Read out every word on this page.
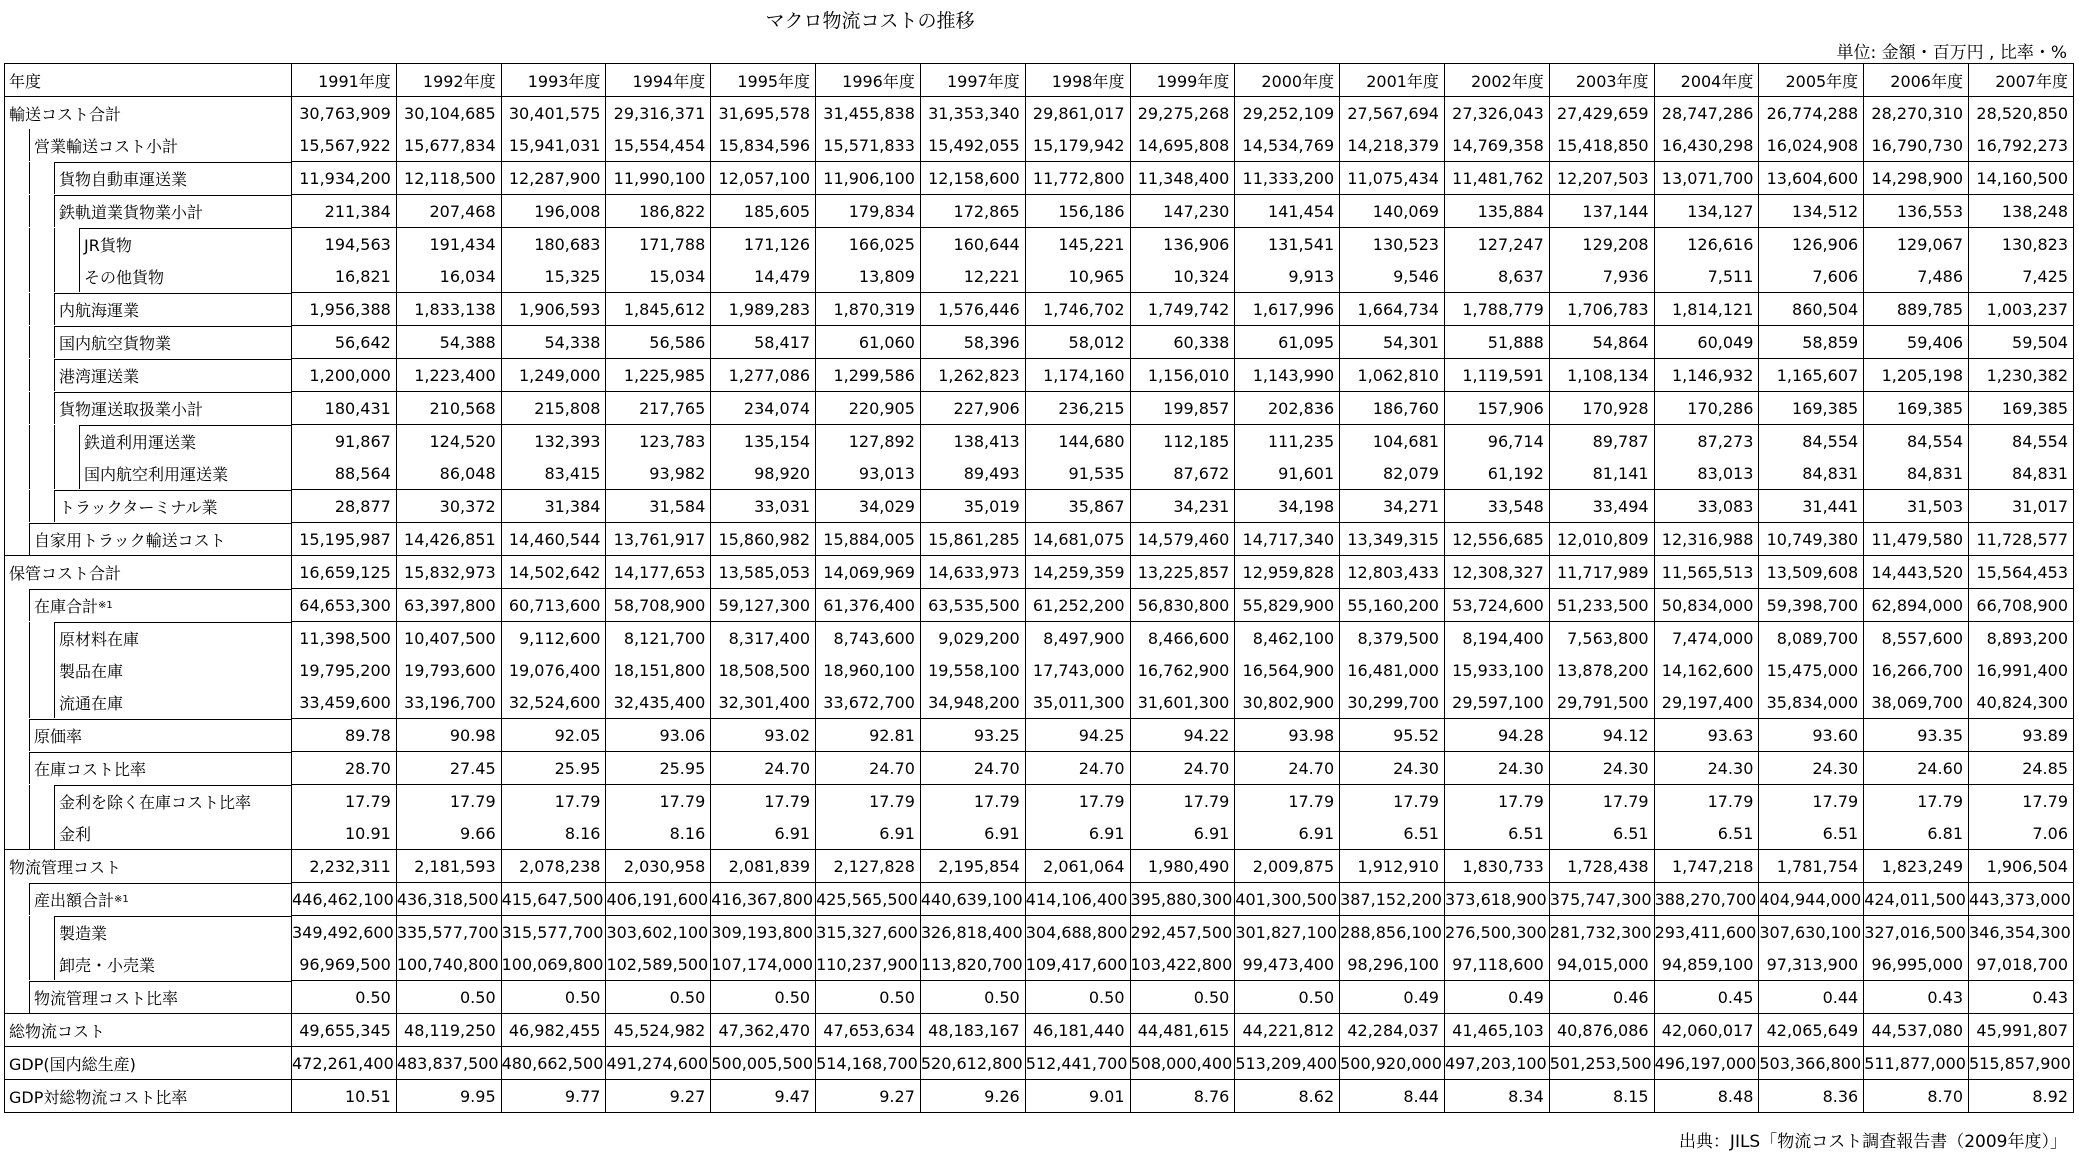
マクロ物流コストの推移
単位: 金額・百万円 , 比率・%
年度	1991年度	1992年度	1993年度	1994年度	1995年度	1996年度	1997年度	1998年度	1999年度	2000年度	2001年度	2002年度	2003年度	2004年度	2005年度	2006年度	2007年度

輸送コスト合計	30,763,909	30,104,685	30,401,575	29,316,371	31,695,578	31,455,838	31,353,340	29,861,017	29,275,268	29,252,109	27,567,694	27,326,043	27,429,659	28,747,286	26,774,288	28,270,310	28,520,850

営業輸送コスト小計	15,567,922	15,677,834	15,941,031	15,554,454	15,834,596	15,571,833	15,492,055	15,179,942	14,695,808	14,534,769	14,218,379	14,769,358	15,418,850	16,430,298	16,024,908	16,790,730	16,792,273

貨物自動車運送業	11,934,200	12,118,500	12,287,900	11,990,100	12,057,100	11,906,100	12,158,600	11,772,800	11,348,400	11,333,200	11,075,434	11,481,762	12,207,503	13,071,700	13,604,600	14,298,900	14,160,500

鉄軌道業貨物業小計	211,384	207,468	196,008	186,822	185,605	179,834	172,865	156,186	147,230	141,454	140,069	135,884	137,144	134,127	134,512	136,553	138,248

JR貨物	194,563	191,434	180,683	171,788	171,126	166,025	160,644	145,221	136,906	131,541	130,523	127,247	129,208	126,616	126,906	129,067	130,823

その他貨物	16,821	16,034	15,325	15,034	14,479	13,809	12,221	10,965	10,324	9,913	9,546	8,637	7,936	7,511	7,606	7,486	7,425

内航海運業	1,956,388	1,833,138	1,906,593	1,845,612	1,989,283	1,870,319	1,576,446	1,746,702	1,749,742	1,617,996	1,664,734	1,788,779	1,706,783	1,814,121	860,504	889,785	1,003,237

国内航空貨物業	56,642	54,388	54,338	56,586	58,417	61,060	58,396	58,012	60,338	61,095	54,301	51,888	54,864	60,049	58,859	59,406	59,504

港湾運送業	1,200,000	1,223,400	1,249,000	1,225,985	1,277,086	1,299,586	1,262,823	1,174,160	1,156,010	1,143,990	1,062,810	1,119,591	1,108,134	1,146,932	1,165,607	1,205,198	1,230,382

貨物運送取扱業小計	180,431	210,568	215,808	217,765	234,074	220,905	227,906	236,215	199,857	202,836	186,760	157,906	170,928	170,286	169,385	169,385	169,385

鉄道利用運送業	91,867	124,520	132,393	123,783	135,154	127,892	138,413	144,680	112,185	111,235	104,681	96,714	89,787	87,273	84,554	84,554	84,554

国内航空利用運送業	88,564	86,048	83,415	93,982	98,920	93,013	89,493	91,535	87,672	91,601	82,079	61,192	81,141	83,013	84,831	84,831	84,831

トラックターミナル業	28,877	30,372	31,384	31,584	33,031	34,029	35,019	35,867	34,231	34,198	34,271	33,548	33,494	33,083	31,441	31,503	31,017

自家用トラック輸送コスト	15,195,987	14,426,851	14,460,544	13,761,917	15,860,982	15,884,005	15,861,285	14,681,075	14,579,460	14,717,340	13,349,315	12,556,685	12,010,809	12,316,988	10,749,380	11,479,580	11,728,577

保管コスト合計	16,659,125	15,832,973	14,502,642	14,177,653	13,585,053	14,069,969	14,633,973	14,259,359	13,225,857	12,959,828	12,803,433	12,308,327	11,717,989	11,565,513	13,509,608	14,443,520	15,564,453

在庫合計 ※1	64,653,300	63,397,800	60,713,600	58,708,900	59,127,300	61,376,400	63,535,500	61,252,200	56,830,800	55,829,900	55,160,200	53,724,600	51,233,500	50,834,000	59,398,700	62,894,000	66,708,900

原材料在庫	11,398,500	10,407,500	9,112,600	8,121,700	8,317,400	8,743,600	9,029,200	8,497,900	8,466,600	8,462,100	8,379,500	8,194,400	7,563,800	7,474,000	8,089,700	8,557,600	8,893,200

製品在庫	19,795,200	19,793,600	19,076,400	18,151,800	18,508,500	18,960,100	19,558,100	17,743,000	16,762,900	16,564,900	16,481,000	15,933,100	13,878,200	14,162,600	15,475,000	16,266,700	16,991,400

流通在庫	33,459,600	33,196,700	32,524,600	32,435,400	32,301,400	33,672,700	34,948,200	35,011,300	31,601,300	30,802,900	30,299,700	29,597,100	29,791,500	29,197,400	35,834,000	38,069,700	40,824,300

原価率	89.78	90.98	92.05	93.06	93.02	92.81	93.25	94.25	94.22	93.98	95.52	94.28	94.12	93.63	93.60	93.35	93.89

在庫コスト比率	28.70	27.45	25.95	25.95	24.70	24.70	24.70	24.70	24.70	24.70	24.30	24.30	24.30	24.30	24.30	24.60	24.85

金利を除く在庫コスト比率	17.79	17.79	17.79	17.79	17.79	17.79	17.79	17.79	17.79	17.79	17.79	17.79	17.79	17.79	17.79	17.79	17.79

金利	10.91	9.66	8.16	8.16	6.91	6.91	6.91	6.91	6.91	6.91	6.51	6.51	6.51	6.51	6.51	6.81	7.06

物流管理コスト	2,232,311	2,181,593	2,078,238	2,030,958	2,081,839	2,127,828	2,195,854	2,061,064	1,980,490	2,009,875	1,912,910	1,830,733	1,728,438	1,747,218	1,781,754	1,823,249	1,906,504

産出額合計 ※1	446,462,100	436,318,500	415,647,500	406,191,600	416,367,800	425,565,500	440,639,100	414,106,400	395,880,300	401,300,500	387,152,200	373,618,900	375,747,300	388,270,700	404,944,000	424,011,500	443,373,000

製造業	349,492,600	335,577,700	315,577,700	303,602,100	309,193,800	315,327,600	326,818,400	304,688,800	292,457,500	301,827,100	288,856,100	276,500,300	281,732,300	293,411,600	307,630,100	327,016,500	346,354,300

卸売・小売業	96,969,500	100,740,800	100,069,800	102,589,500	107,174,000	110,237,900	113,820,700	109,417,600	103,422,800	99,473,400	98,296,100	97,118,600	94,015,000	94,859,100	97,313,900	96,995,000	97,018,700

物流管理コスト比率	0.50	0.50	0.50	0.50	0.50	0.50	0.50	0.50	0.50	0.50	0.49	0.49	0.46	0.45	0.44	0.43	0.43

総物流コスト	49,655,345	48,119,250	46,982,455	45,524,982	47,362,470	47,653,634	48,183,167	46,181,440	44,481,615	44,221,812	42,284,037	41,465,103	40,876,086	42,060,017	42,065,649	44,537,080	45,991,807

GDP(国内総生産)	472,261,400	483,837,500	480,662,500	491,274,600	500,005,500	514,168,700	520,612,800	512,441,700	508,000,400	513,209,400	500,920,000	497,203,100	501,253,500	496,197,000	503,366,800	511,877,000	515,857,900

GDP対総物流コスト比率	10.51	9.95	9.77	9.27	9.47	9.27	9.26	9.01	8.76	8.62	8.44	8.34	8.15	8.48	8.36	8.70	8.92
出典：JILS「物流コスト調査報告書（2009年度）」
